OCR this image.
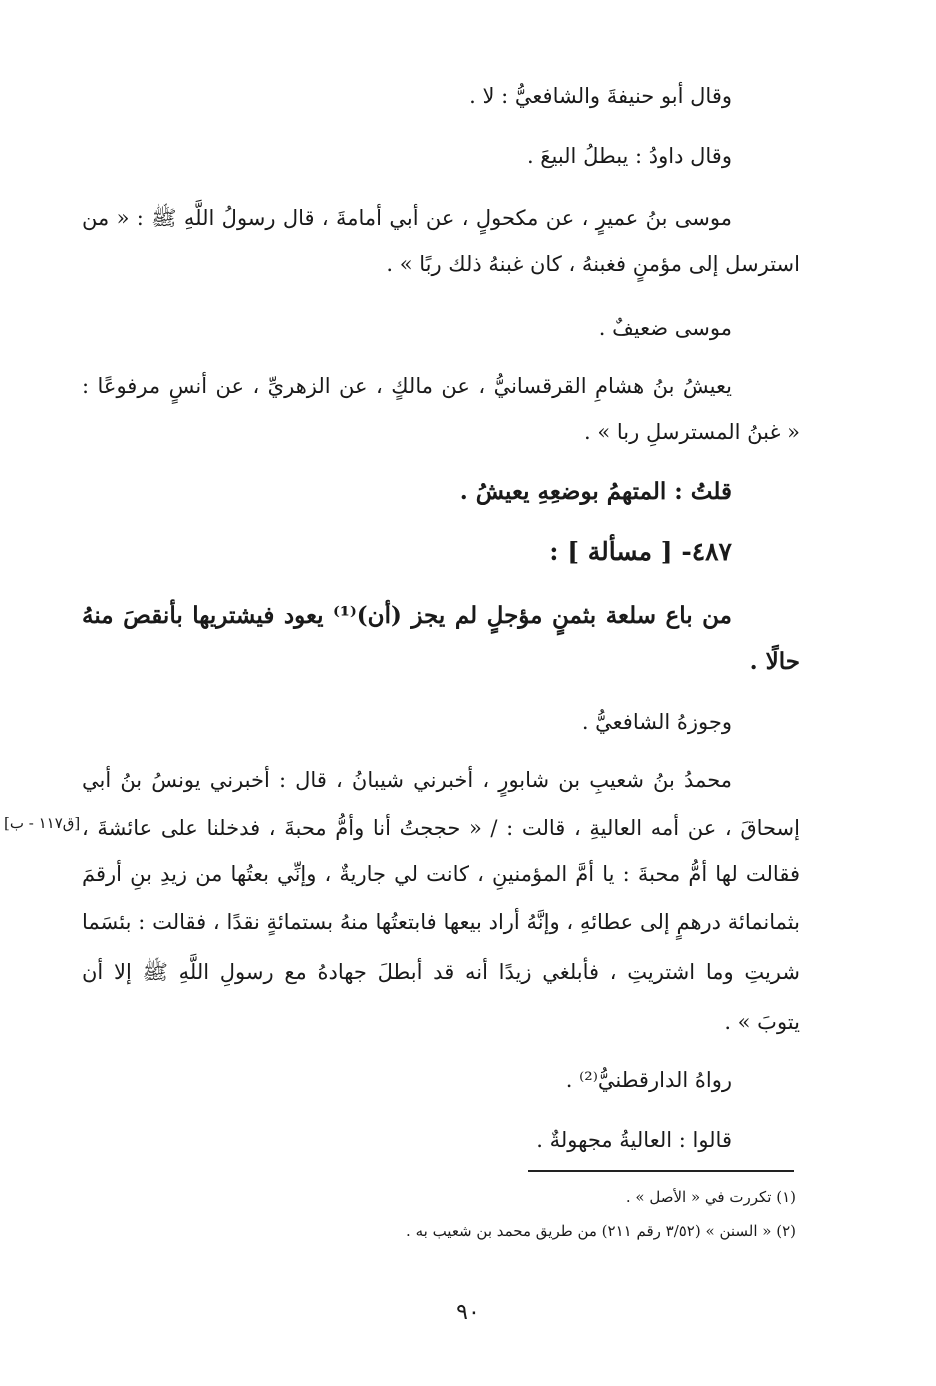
وقال أبو حنيفةَ والشافعيُّ : لا .
وقال داودُ : يبطلُ البيعَ .
موسى بنُ عميرٍ ، عن مكحولٍ ، عن أبي أمامةَ ، قال رسولُ اللَّهِ ﷺ : « من
استرسل إلى مؤمنٍ فغبنهُ ، كان غبنهُ ذلك ربًا » .
موسى ضعيفٌ .
يعيشُ بنُ هشامِ القرقسانيُّ ، عن مالكٍ ، عن الزهريِّ ، عن أنسٍ مرفوعًا :
« غبنُ المسترسلِ ربا » .
قلتُ : المتهمُ بوضعِهِ يعيشُ .
٤٨٧- [ مسألة ] :
من باع سلعة بثمنٍ مؤجلٍ لم يجز (أن)⁽¹⁾ يعود فيشتريها بأنقصَ منهُ
حالًا .
وجوزهُ الشافعيُّ .
محمدُ بنُ شعيبِ بن شابورٍ ، أخبرني شيبانُ ، قال : أخبرني يونسُ بنُ أبي
إسحاقَ ، عن أمه العاليةِ ، قالت : / « حججتُ أنا وأمُّ محبةَ ، فدخلنا على عائشةَ ،
فقالت لها أمُّ محبةَ : يا أمَّ المؤمنينِ ، كانت لي جاريةٌ ، وإنِّي بعتُها من زيدِ بنِ أرقمَ
بثمانمائة درهمٍ إلى عطائهِ ، وإنَّهُ أراد بيعها فابتعتُها منهُ بستمائةٍ نقدًا ، فقالت : بئسَما
شريتِ وما اشتريتِ ، فأبلغي زيدًا أنه قد أبطلَ جهادهُ مع رسولِ اللَّهِ ﷺ إلا أن
يتوبَ » .
رواهُ الدارقطنيُّ⁽²⁾ .
قالوا : العاليةُ مجهولةٌ .
[ق١١٧ - ب]
(١) تكررت في « الأصل » .
(٢) « السنن » (٣/٥٢ رقم ٢١١) من طريق محمد بن شعيب به .
٩٠
